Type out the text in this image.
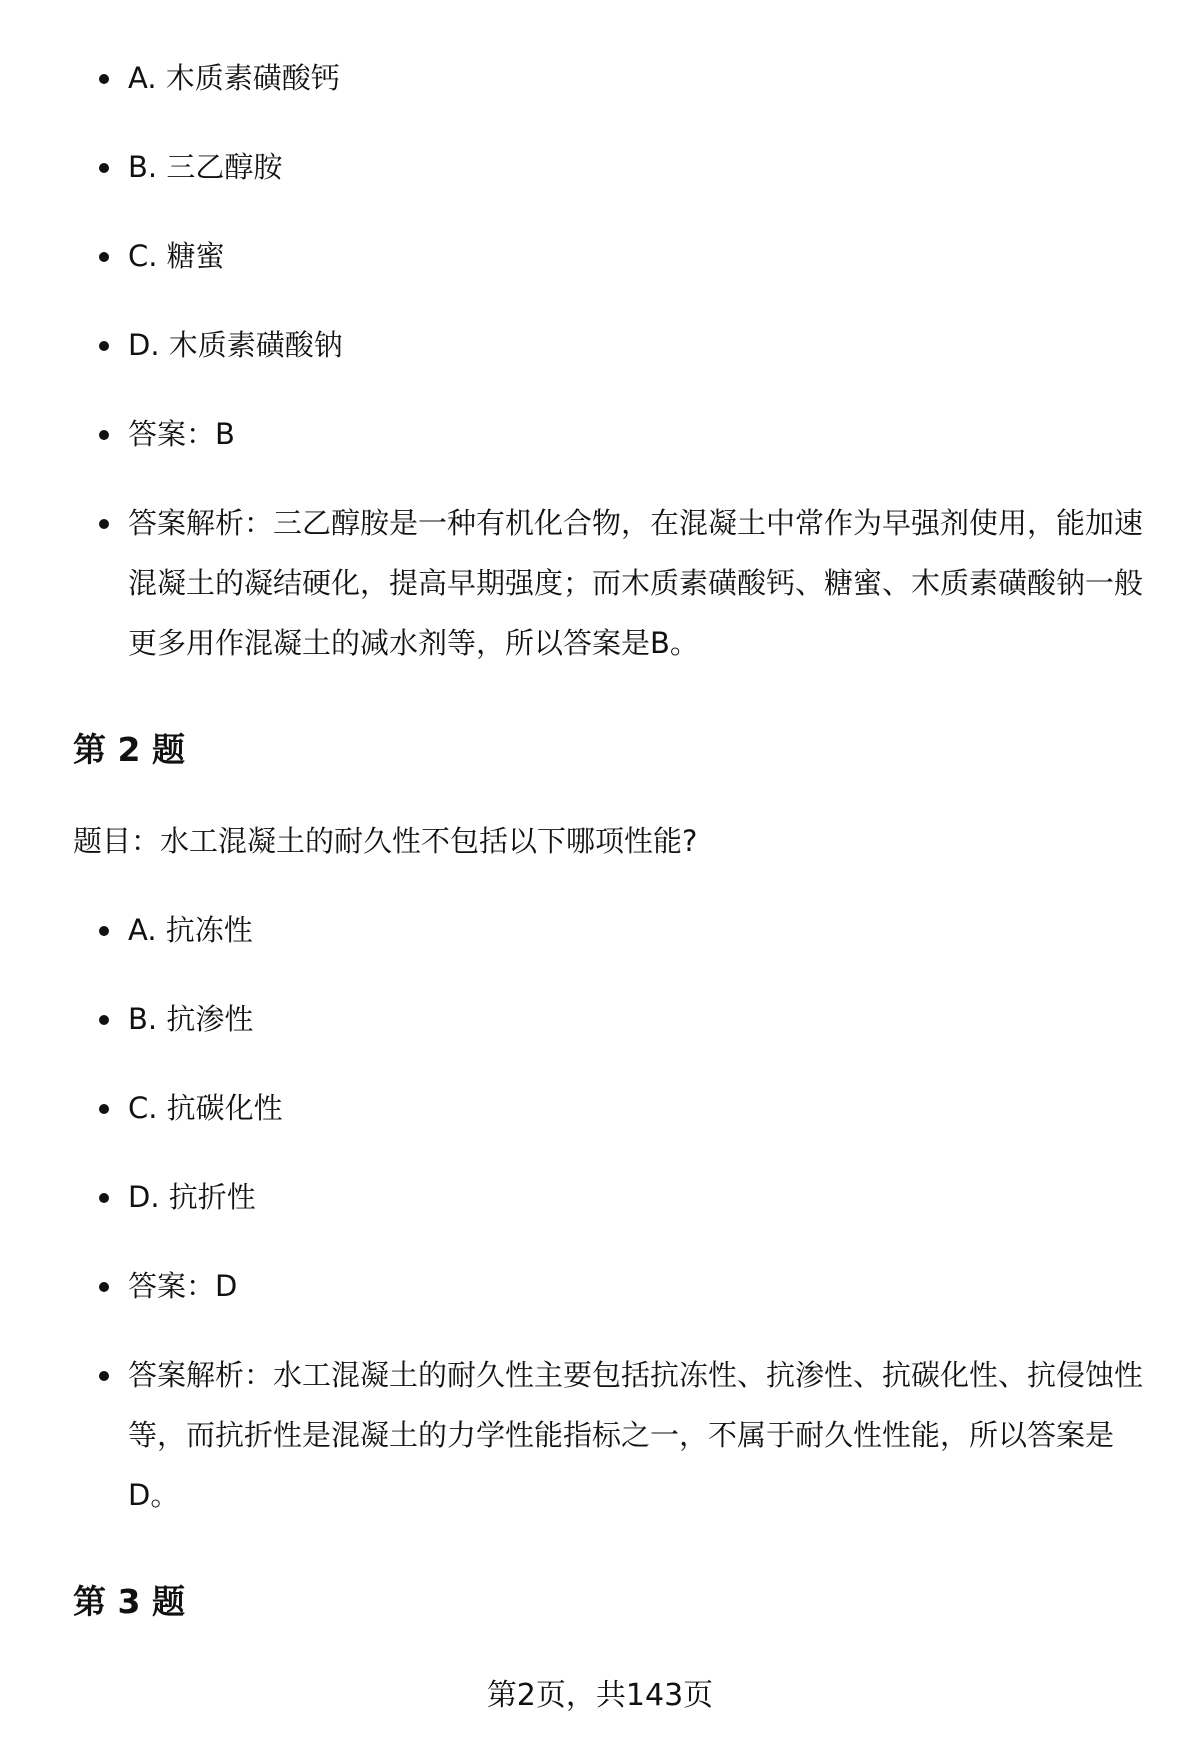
A. 木质素磺酸钙
B. 三乙醇胺
C. 糖蜜
D. 木质素磺酸钠
答案：B
答案解析：三乙醇胺是一种有机化合物，在混凝土中常作为早强剂使用，能加速混凝土的凝结硬化，提高早期强度；而木质素磺酸钙、糖蜜、木质素磺酸钠一般更多用作混凝土的减水剂等，所以答案是B。
第 2 题

题目：水工混凝土的耐久性不包括以下哪项性能?

A. 抗冻性
B. 抗渗性
C. 抗碳化性
D. 抗折性
答案：D
答案解析：水工混凝土的耐久性主要包括抗冻性、抗渗性、抗碳化性、抗侵蚀性等，而抗折性是混凝土的力学性能指标之一，不属于耐久性性能，所以答案是D。
第 3 题
第2页，共143页
